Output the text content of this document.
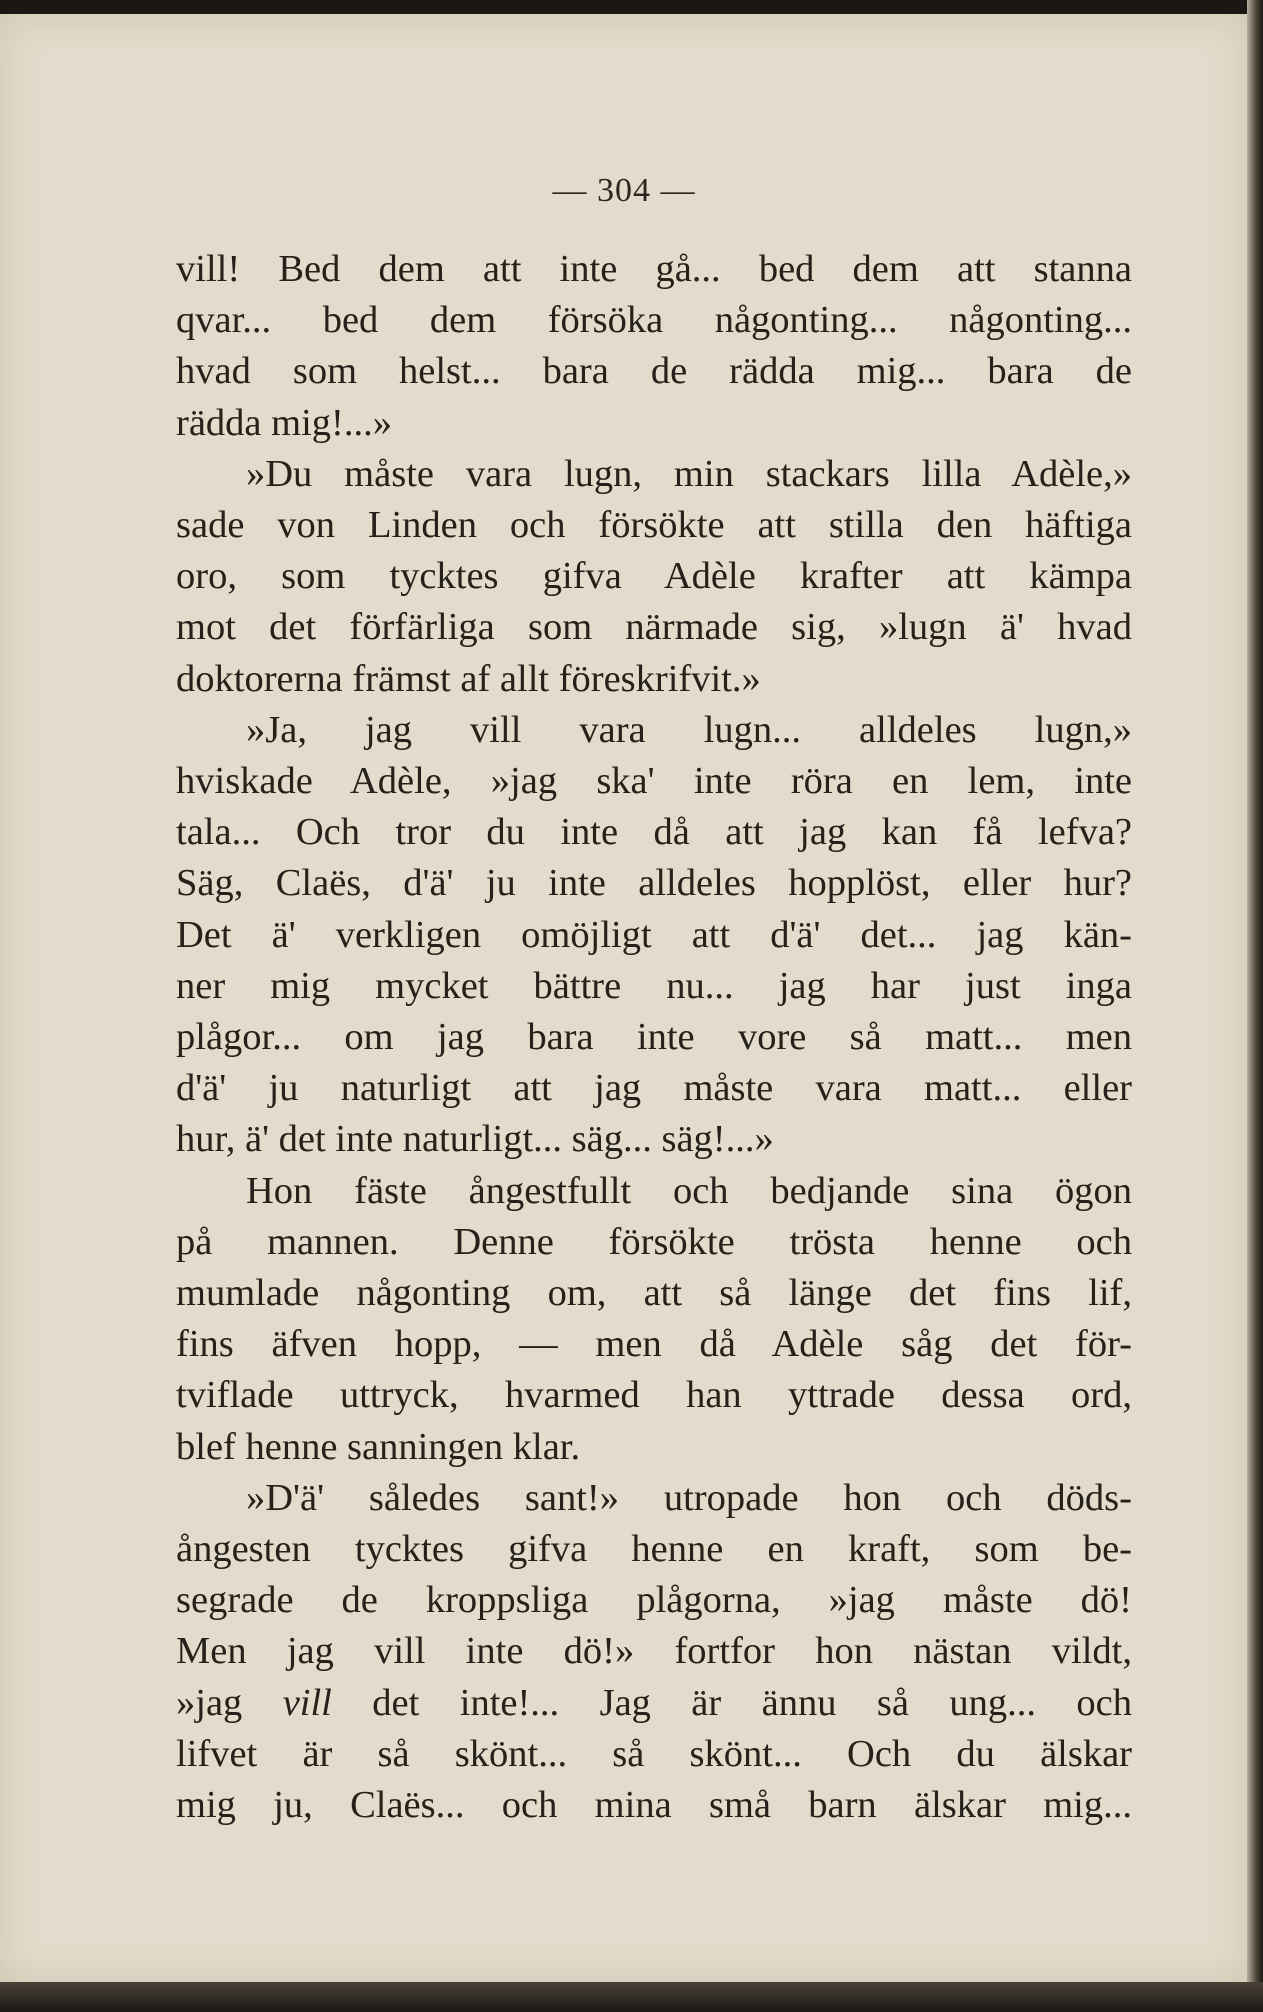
— 304 —
vill! Bed dem att inte gå... bed dem att stanna
qvar... bed dem försöka någonting... någonting...
hvad som helst... bara de rädda mig... bara de
rädda mig!...»
»Du måste vara lugn, min stackars lilla Adèle,»
sade von Linden och försökte att stilla den häftiga
oro, som tycktes gifva Adèle krafter att kämpa
mot det förfärliga som närmade sig, »lugn ä' hvad
doktorerna främst af allt föreskrifvit.»
»Ja, jag vill vara lugn... alldeles lugn,»
hviskade Adèle, »jag ska' inte röra en lem, inte
tala... Och tror du inte då att jag kan få lefva?
Säg, Claës, d'ä' ju inte alldeles hopplöst, eller hur?
Det ä' verkligen omöjligt att d'ä' det... jag kän-
ner mig mycket bättre nu... jag har just inga
plågor... om jag bara inte vore så matt... men
d'ä' ju naturligt att jag måste vara matt... eller
hur, ä' det inte naturligt... säg... säg!...»
Hon fäste ångestfullt och bedjande sina ögon
på mannen. Denne försökte trösta henne och
mumlade någonting om, att så länge det fins lif,
fins äfven hopp, — men då Adèle såg det för-
tviflade uttryck, hvarmed han yttrade dessa ord,
blef henne sanningen klar.
»D'ä' således sant!» utropade hon och döds-
ångesten tycktes gifva henne en kraft, som be-
segrade de kroppsliga plågorna, »jag måste dö!
Men jag vill inte dö!» fortfor hon nästan vildt,
»jag vill det inte!... Jag är ännu så ung... och
lifvet är så skönt... så skönt... Och du älskar
mig ju, Claës... och mina små barn älskar mig...
